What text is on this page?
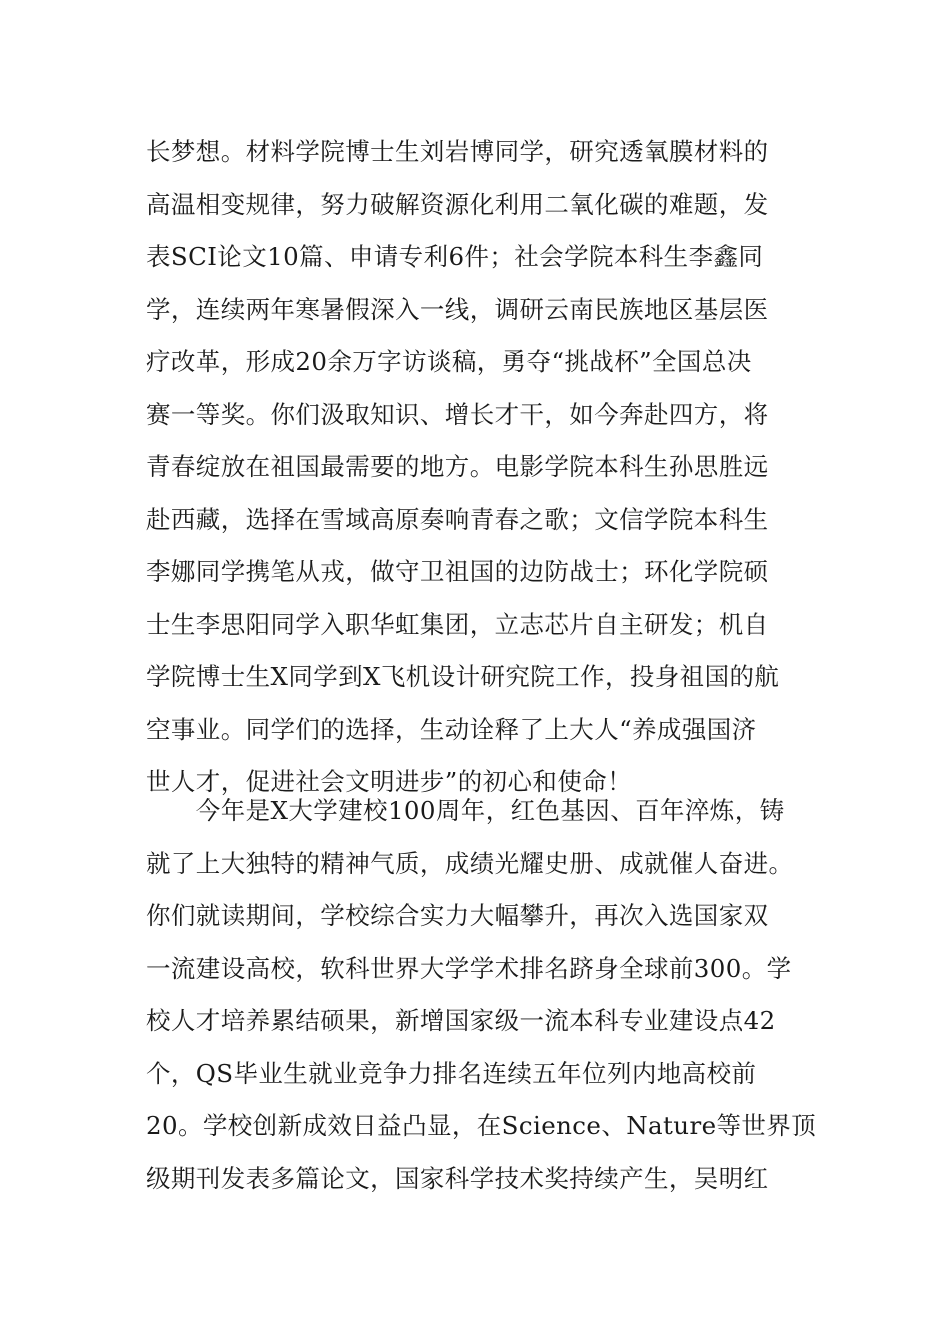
长梦想。材料学院博士生刘岩博同学，研究透氧膜材料的
高温相变规律，努力破解资源化利用二氧化碳的难题，发
表SCI论文10篇、申请专利6件；社会学院本科生李鑫同
学，连续两年寒暑假深入一线，调研云南民族地区基层医
疗改革，形成20余万字访谈稿，勇夺“挑战杯”全国总决
赛一等奖。你们汲取知识、增长才干，如今奔赴四方，将
青春绽放在祖国最需要的地方。电影学院本科生孙思胜远
赴西藏，选择在雪域高原奏响青春之歌；文信学院本科生
李娜同学携笔从戎，做守卫祖国的边防战士；环化学院硕
士生李思阳同学入职华虹集团，立志芯片自主研发；机自
学院博士生X同学到X飞机设计研究院工作，投身祖国的航
空事业。同学们的选择，生动诠释了上大人“养成强国济
世人才，促进社会文明进步”的初心和使命！

　　今年是X大学建校100周年，红色基因、百年淬炼，铸
就了上大独特的精神气质，成绩光耀史册、成就催人奋进。
你们就读期间，学校综合实力大幅攀升，再次入选国家双
一流建设高校，软科世界大学学术排名跻身全球前300。学
校人才培养累结硕果，新增国家级一流本科专业建设点42
个，QS毕业生就业竞争力排名连续五年位列内地高校前
20。学校创新成效日益凸显，在Science、Nature等世界顶
级期刊发表多篇论文，国家科学技术奖持续产生，吴明红
